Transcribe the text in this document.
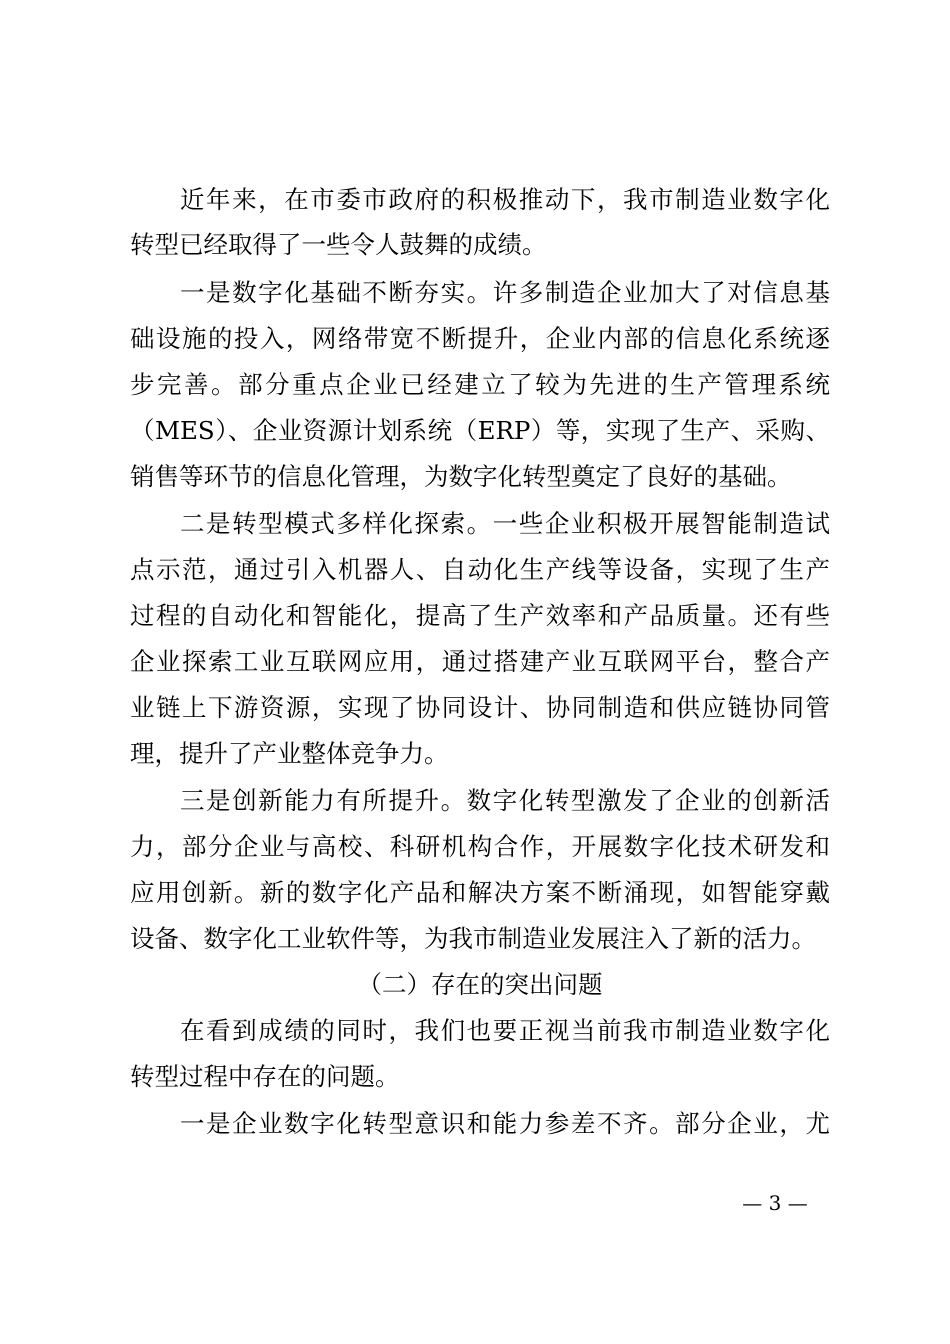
近年来，在市委市政府的积极推动下，我市制造业数字化
转型已经取得了一些令人鼓舞的成绩。
一是数字化基础不断夯实。许多制造企业加大了对信息基
础设施的投入，网络带宽不断提升，企业内部的信息化系统逐
步完善。部分重点企业已经建立了较为先进的生产管理系统
（MES）、企业资源计划系统（ERP）等，实现了生产、采购、
销售等环节的信息化管理，为数字化转型奠定了良好的基础。
二是转型模式多样化探索。一些企业积极开展智能制造试
点示范，通过引入机器人、自动化生产线等设备，实现了生产
过程的自动化和智能化，提高了生产效率和产品质量。还有些
企业探索工业互联网应用，通过搭建产业互联网平台，整合产
业链上下游资源，实现了协同设计、协同制造和供应链协同管
理，提升了产业整体竞争力。
三是创新能力有所提升。数字化转型激发了企业的创新活
力，部分企业与高校、科研机构合作，开展数字化技术研发和
应用创新。新的数字化产品和解决方案不断涌现，如智能穿戴
设备、数字化工业软件等，为我市制造业发展注入了新的活力。
（二）存在的突出问题
在看到成绩的同时，我们也要正视当前我市制造业数字化
转型过程中存在的问题。
一是企业数字化转型意识和能力参差不齐。部分企业，尤
— 3 —
